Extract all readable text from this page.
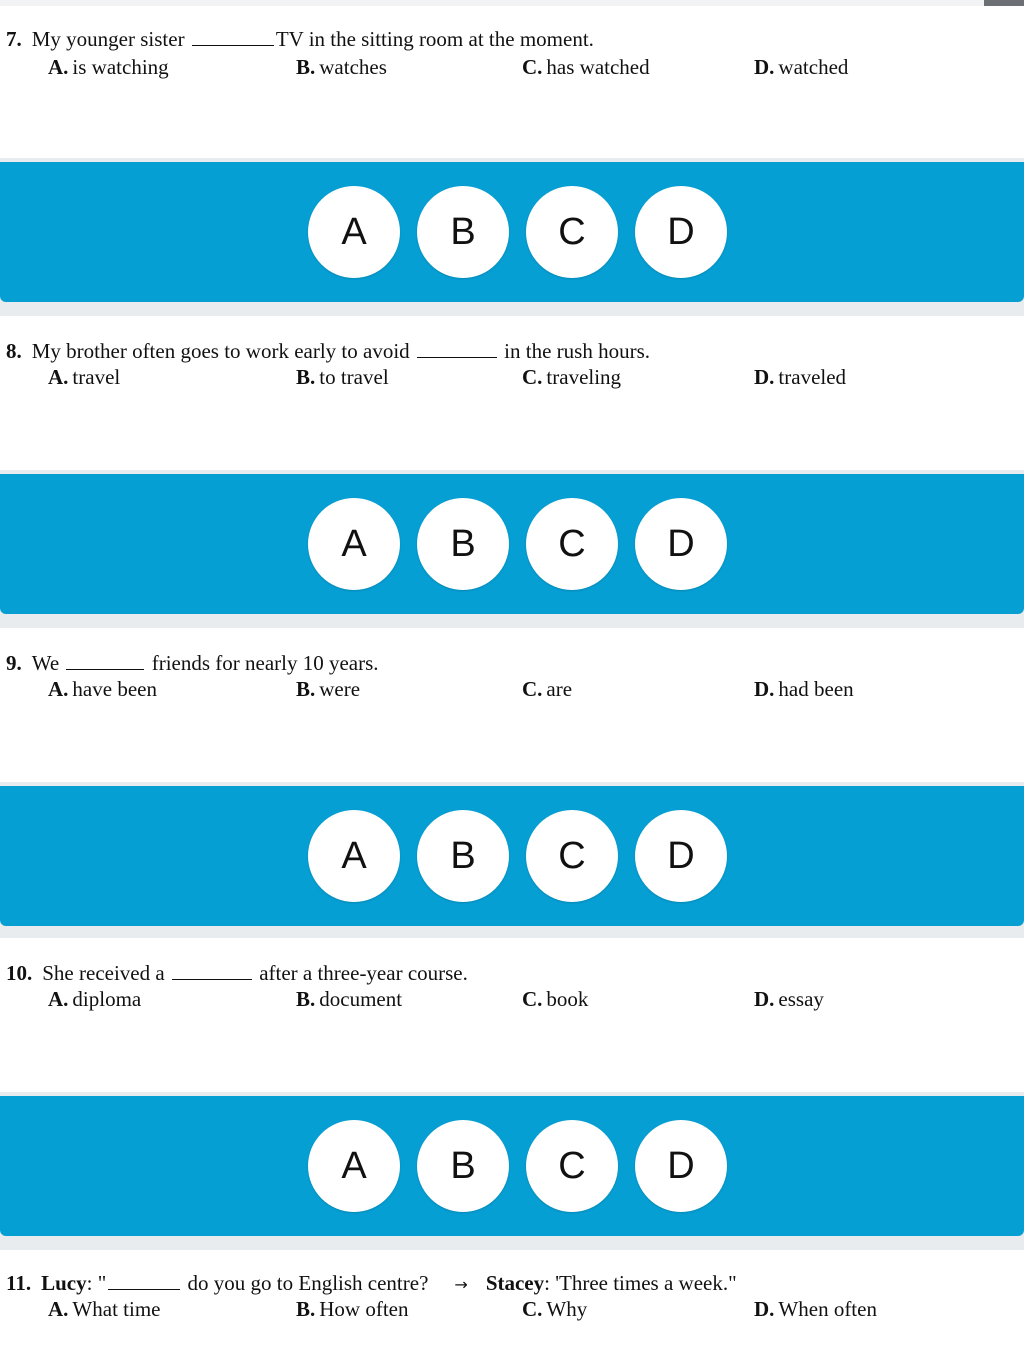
7. My younger sister	TV in the sitting room at the moment.
A. is watching	B. watches	C. has watched	D. watched
A	B	C	D
8. My brother often goes to work early to avoid	in the rush hours.
A. travel	B. to travel	C. traveling	D. traveled
A	B	C	D
9. We	friends for nearly 10 years.
A. have been	B. were	C. are	D. had been
A	B	C	D
10. She received a	after a three-year course.
A. diploma	B. document	C. book	D. essay
A	B	C	D
11. Lucy: "	do you go to English centre? → Stacey: 'Three times a week."
A. What time	B. How often	C. Why	D. When often
